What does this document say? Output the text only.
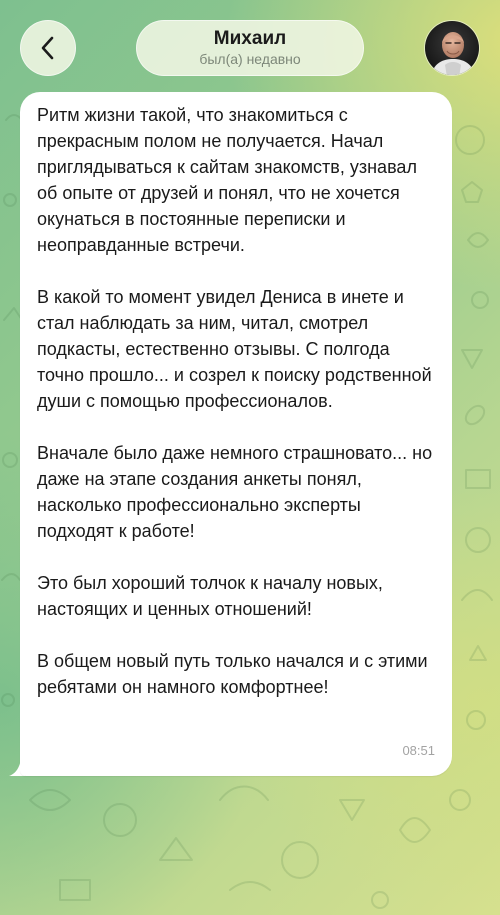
Михаил
был(а) недавно

Ритм жизни такой, что знакомиться с прекрасным полом не получается. Начал приглядываться к сайтам знакомств, узнавал об опыте от друзей и понял, что не хочется окунаться в постоянные переписки и неоправданные встречи.

В какой то момент увидел Дениса в инете и стал наблюдать за ним, читал, смотрел подкасты, естественно отзывы. С полгода точно прошло... и созрел к поиску родственной души с помощью профессионалов.

Вначале было даже немного страшновато... но даже на этапе создания анкеты понял, насколько профессионально эксперты подходят к работе!

Это был хороший толчок к началу новых, настоящих и ценных отношений!

В общем новый путь только начался и с этими ребятами он намного комфортнее!

08:51
